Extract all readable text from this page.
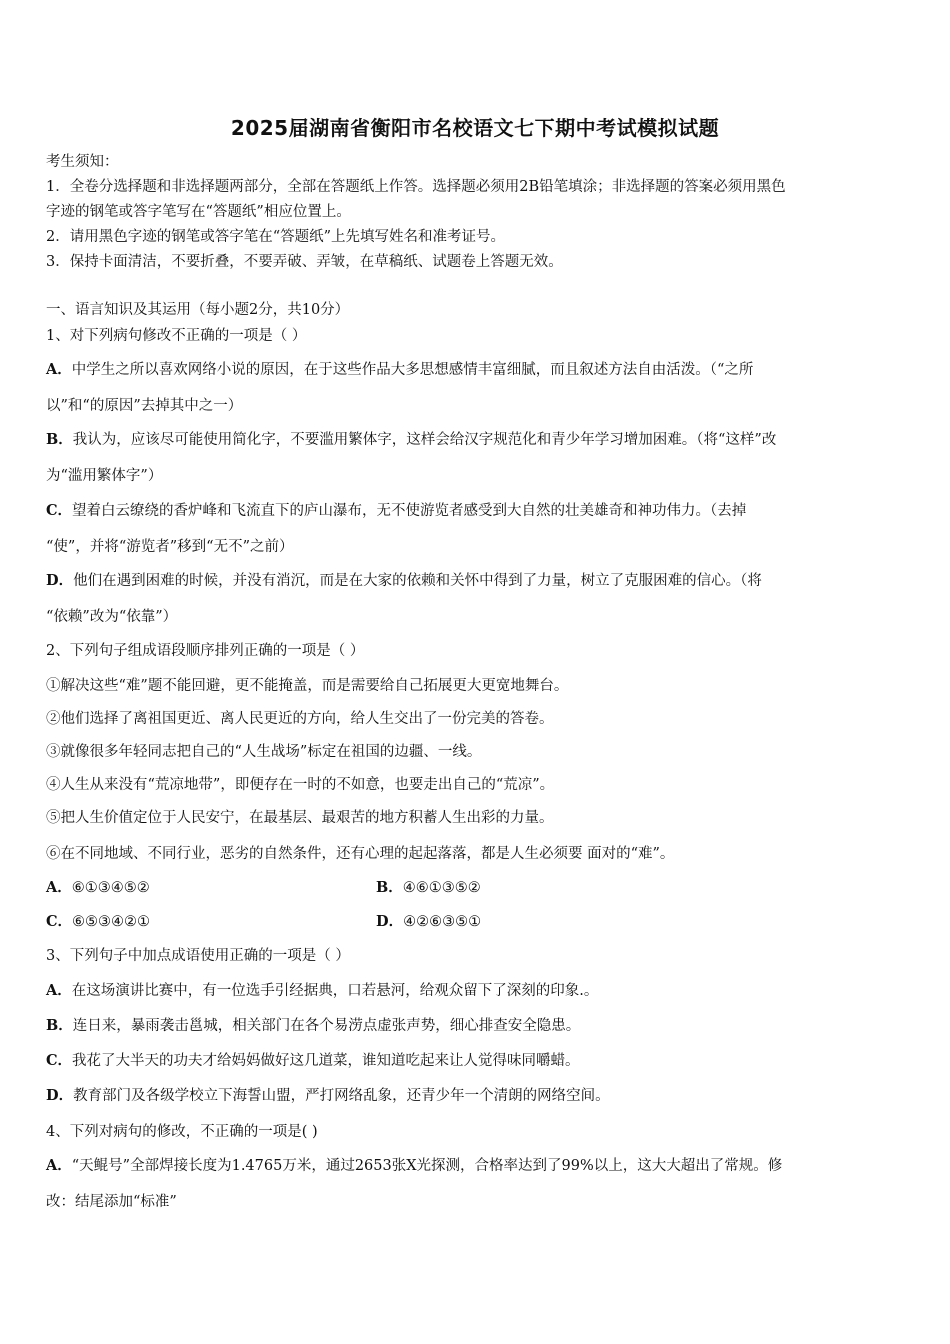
2025届湖南省衡阳市名校语文七下期中考试模拟试题
考生须知：
1．全卷分选择题和非选择题两部分，全部在答题纸上作答。选择题必须用2B铅笔填涂；非选择题的答案必须用黑色
字迹的钢笔或答字笔写在“答题纸”相应位置上。
2．请用黑色字迹的钢笔或答字笔在“答题纸”上先填写姓名和准考证号。
3．保持卡面清洁，不要折叠，不要弄破、弄皱，在草稿纸、试题卷上答题无效。
一、语言知识及其运用（每小题2分，共10分）
1、对下列病句修改不正确的一项是（ ）
A．中学生之所以喜欢网络小说的原因，在于这些作品大多思想感情丰富细腻，而且叙述方法自由活泼。（“之所
以”和“的原因”去掉其中之一）
B．我认为，应该尽可能使用简化字，不要滥用繁体字，这样会给汉字规范化和青少年学习增加困难。（将“这样”改
为“滥用繁体字”）
C．望着白云缭绕的香炉峰和飞流直下的庐山瀑布，无不使游览者感受到大自然的壮美雄奇和神功伟力。（去掉
“使”，并将“游览者”移到“无不”之前）
D．他们在遇到困难的时候，并没有消沉，而是在大家的依赖和关怀中得到了力量，树立了克服困难的信心。（将
“依赖”改为“依靠”）
2、下列句子组成语段顺序排列正确的一项是（ ）
①解决这些“难”题不能回避，更不能掩盖，而是需要给自己拓展更大更宽地舞台。
②他们选择了离祖国更近、离人民更近的方向，给人生交出了一份完美的答卷。
③就像很多年轻同志把自己的“人生战场”标定在祖国的边疆、一线。
④人生从来没有“荒凉地带”，即便存在一时的不如意，也要走出自己的“荒凉”。
⑤把人生价值定位于人民安宁，在最基层、最艰苦的地方积蓄人生出彩的力量。
⑥在不同地域、不同行业，恶劣的自然条件，还有心理的起起落落，都是人生必须要 面对的“难”。
A．⑥①③④⑤②	B．④⑥①③⑤②
C．⑥⑤③④②①	D．④②⑥③⑤①
3、下列句子中加点成语使用正确的一项是（ ）
A．在这场演讲比赛中，有一位选手引经据典，口若悬河，给观众留下了深刻的印象.。
B．连日来，暴雨袭击邕城，相关部门在各个易涝点虚张声势，细心排查安全隐患。
C．我花了大半天的功夫才给妈妈做好这几道菜，谁知道吃起来让人觉得味同嚼蜡。
D．教育部门及各级学校立下海誓山盟，严打网络乱象，还青少年一个清朗的网络空间。
4、下列对病句的修改，不正确的一项是( )
A．“天鲲号”全部焊接长度为1.4765万米，通过2653张X光探测，合格率达到了99%以上，这大大超出了常规。修
改：结尾添加“标准”
